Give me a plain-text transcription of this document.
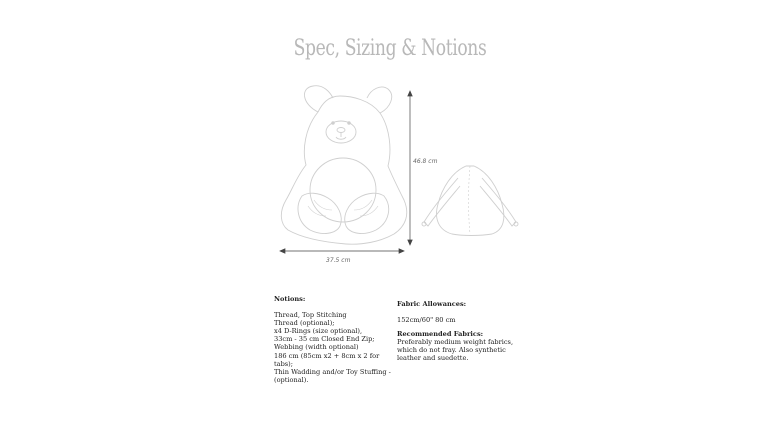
Spec, Sizing & Notions
46.8 cm
37.5 cm
Notions:
Thread, Top Stitching
Thread (optional);
x4 D-Rings (size optional),
33cm - 35 cm Closed End Zip;
Webbing (width optional)
186 cm (85cm x2 + 8cm x 2 for
tabs);
Thin Wadding and/or Toy Stuffing -
(optional).
Fabric Allowances:
152cm/60" 80 cm
Recommended Fabrics:
Preferably medium weight fabrics,
which do not fray. Also synthetic
leather and suedette.
